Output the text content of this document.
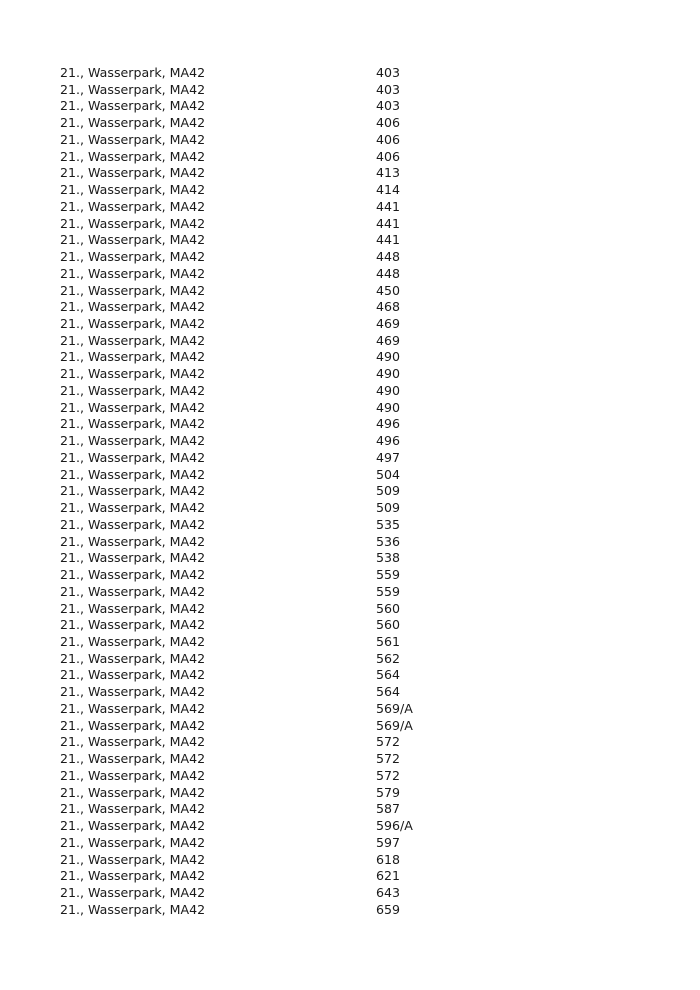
21., Wasserpark, MA42	403
21., Wasserpark, MA42	403
21., Wasserpark, MA42	403
21., Wasserpark, MA42	406
21., Wasserpark, MA42	406
21., Wasserpark, MA42	406
21., Wasserpark, MA42	413
21., Wasserpark, MA42	414
21., Wasserpark, MA42	441
21., Wasserpark, MA42	441
21., Wasserpark, MA42	441
21., Wasserpark, MA42	448
21., Wasserpark, MA42	448
21., Wasserpark, MA42	450
21., Wasserpark, MA42	468
21., Wasserpark, MA42	469
21., Wasserpark, MA42	469
21., Wasserpark, MA42	490
21., Wasserpark, MA42	490
21., Wasserpark, MA42	490
21., Wasserpark, MA42	490
21., Wasserpark, MA42	496
21., Wasserpark, MA42	496
21., Wasserpark, MA42	497
21., Wasserpark, MA42	504
21., Wasserpark, MA42	509
21., Wasserpark, MA42	509
21., Wasserpark, MA42	535
21., Wasserpark, MA42	536
21., Wasserpark, MA42	538
21., Wasserpark, MA42	559
21., Wasserpark, MA42	559
21., Wasserpark, MA42	560
21., Wasserpark, MA42	560
21., Wasserpark, MA42	561
21., Wasserpark, MA42	562
21., Wasserpark, MA42	564
21., Wasserpark, MA42	564
21., Wasserpark, MA42	569/A
21., Wasserpark, MA42	569/A
21., Wasserpark, MA42	572
21., Wasserpark, MA42	572
21., Wasserpark, MA42	572
21., Wasserpark, MA42	579
21., Wasserpark, MA42	587
21., Wasserpark, MA42	596/A
21., Wasserpark, MA42	597
21., Wasserpark, MA42	618
21., Wasserpark, MA42	621
21., Wasserpark, MA42	643
21., Wasserpark, MA42	659
